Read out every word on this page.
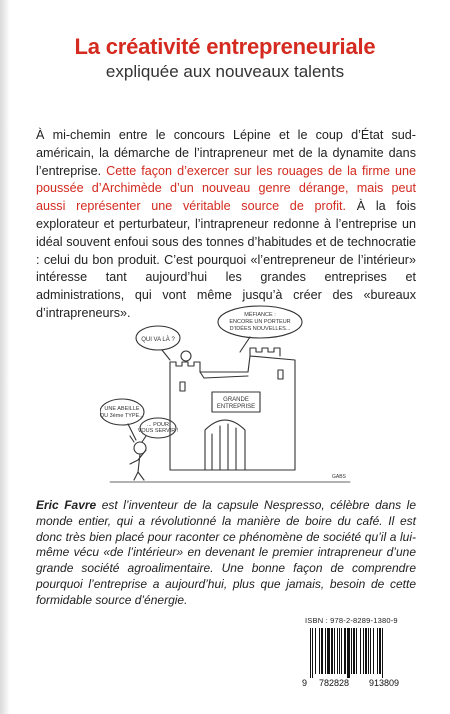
La créativité entrepreneuriale
expliquée aux nouveaux talents

À mi-chemin entre le concours Lépine et le coup d’État sud-américain, la démarche de l’intrapreneur met de la dynamite dans l’entreprise. Cette façon d’exercer sur les rouages de la firme une poussée d’Archimède d’un nouveau genre dérange, mais peut aussi représenter une véritable source de profit. À la fois explorateur et perturbateur, l’intrapreneur redonne à l’entreprise un idéal souvent enfoui sous des tonnes d’habitudes et de technocratie : celui du bon produit. C’est pourquoi «l’entrepreneur de l’intérieur» intéresse tant aujourd’hui les grandes entreprises et administrations, qui vont même jusqu’à créer des «bureaux d’intrapreneurs».

QUI VA LÀ ?
MÉFIANCE :
ENCORE UN PORTEUR
D’IDÉES NOUVELLES...
GRANDE
ENTREPRISE
UNE ABEILLE
DU 3ème TYPE...
... POUR
VOUS SERVIR !
GABS

Eric Favre est l’inventeur de la capsule Nespresso, célèbre dans le monde entier, qui a révolutionné la manière de boire du café. Il est donc très bien placé pour raconter ce phénomène de société qu’il a lui-même vécu «de l’intérieur» en devenant le premier intrapreneur d’une grande société agroalimentaire. Une bonne façon de comprendre pourquoi l’entreprise a aujourd’hui, plus que jamais, besoin de cette formidable source d’énergie.

ISBN : 978-2-8289-1380-9
9 782828 913809
